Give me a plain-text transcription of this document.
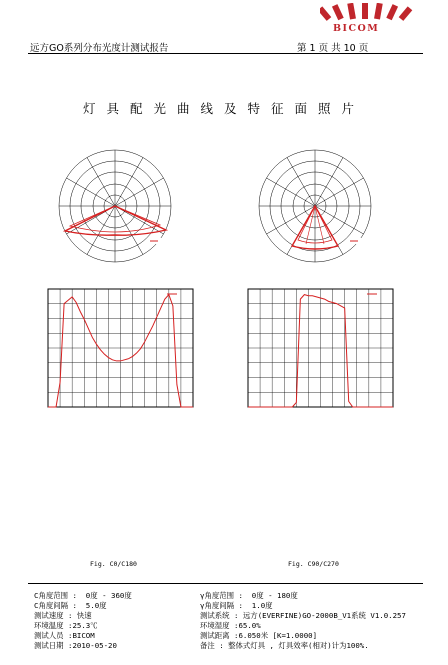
远方GO系列分布光度计测试报告	第 1 页 共 10 页
BICOM
灯具配光曲线及特征面照片
Fig. C0/C180	Fig. C90/C270
C角度范围 :  0度 - 360度
C角度间隔 :  5.0度
测试速度 : 快速
环境温度 :25.3℃
测试人员 :BICOM
测试日期 :2010-05-20
γ角度范围 :  0度 - 180度
γ角度间隔 :  1.0度
测试系统 : 远方(EVERFINE)GO-2000B_V1系统 V1.0.257
环境湿度 :65.0%
测试距离 :6.050米 [K=1.0000]
备注 : 整体式灯具 , 灯具效率(相对)计为100%.
